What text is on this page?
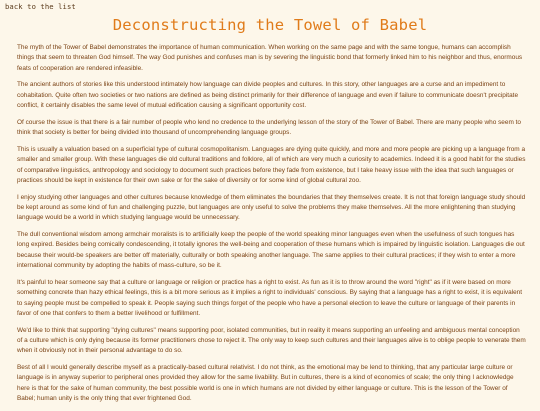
back to the list
Deconstructing the Towel of Babel

The myth of the Tower of Babel demonstrates the importance of human communication. When working on the same page and with the same tongue, humans can accomplish things that seem to threaten God himself. The way God punishes and confuses man is by severing the linguistic bond that formerly linked him to his neighbor and thus, enormous feats of cooperation are rendered infeasible.

The ancient authors of stories like this understood intimately how language can divide peoples and cultures. In this story, other languages are a curse and an impediment to cohabitation. Quite often two societies or two nations are defined as being distinct primarily for their difference of language and even if failure to communicate doesn't precipitate conflict, it certainly disables the same level of mutual edification causing a significant opportunity cost.

Of course the issue is that there is a fair number of people who lend no credence to the underlying lesson of the story of the Tower of Babel. There are many people who seem to think that society is better for being divided into thousand of uncomprehending language groups.

This is usually a valuation based on a superficial type of cultural cosmopolitanism. Languages are dying quite quickly, and more and more people are picking up a language from a smaller and smaller group. With these languages die old cultural traditions and folklore, all of which are very much a curiosity to academics. Indeed it is a good habit for the studies of comparative linguistics, anthropology and sociology to document such practices before they fade from existence, but I take heavy issue with the idea that such languages or practices should be kept in existence for their own sake or for the sake of diversity or for some kind of global cultural zoo.

I enjoy studying other languages and other cultures because knowledge of them eliminates the boundaries that they themselves create. It is not that foreign language study should be kept around as some kind of fun and challenging puzzle, but languages are only useful to solve the problems they make themselves. All the more enlightening than studying language would be a world in which studying language would be unnecessary.

The dull conventional wisdom among armchair moralists is to artificially keep the people of the world speaking minor languages even when the usefulness of such tongues has long expired. Besides being comically condescending, it totally ignores the well-being and cooperation of these humans which is impaired by linguistic isolation. Languages die out because their would-be speakers are better off materially, culturally or both speaking another language. The same applies to their cultural practices; if they wish to enter a more international community by adopting the habits of mass-culture, so be it.

It's painful to hear someone say that a culture or language or religion or practice has a right to exist. As fun as it is to throw around the word "right" as if it were based on more something concrete than hazy ethical feelings, this is a bit more serious as it implies a right to individuals' conscious. By saying that a language has a right to exist, it is equivalent to saying people must be compelled to speak it. People saying such things forget of the people who have a personal election to leave the culture or language of their parents in favor of one that confers to them a better livelihood or fulfillment.

We'd like to think that supporting "dying cultures" means supporting poor, isolated communities, but in reality it means supporting an unfeeling and ambiguous mental conception of a culture which is only dying because its former practitioners chose to reject it. The only way to keep such cultures and their languages alive is to oblige people to venerate them when it obviously not in their personal advantage to do so.

Best of all I would generally describe myself as a practically-based cultural relativist. I do not think, as the emotional may be lend to thinking, that any particular large culture or language is in anyway superior to peripheral ones provided they allow for the same livability. But in cultures, there is a kind of economics of scale; the only thing I acknowledge here is that for the sake of human community, the best possible world is one in which humans are not divided by either language or culture. This is the lesson of the Tower of Babel; human unity is the only thing that ever frightened God.
